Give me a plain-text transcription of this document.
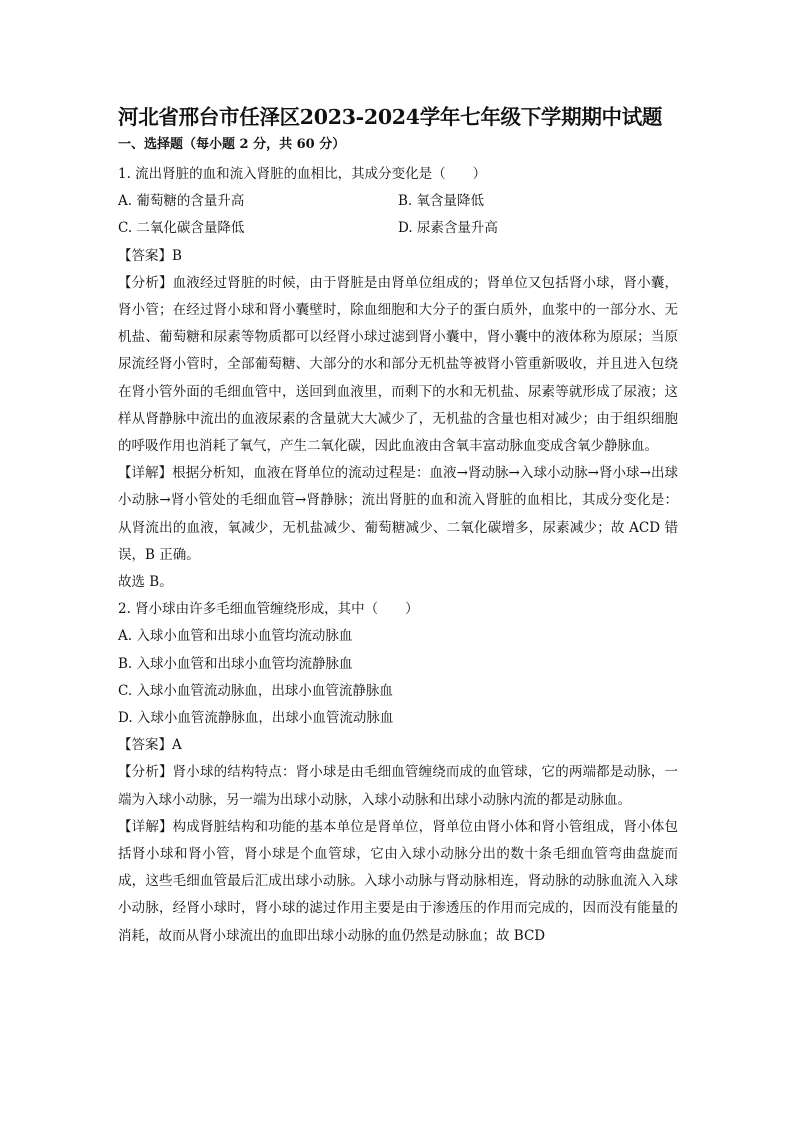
河北省邢台市任泽区2023-2024学年七年级下学期期中试题
一、选择题（每小题 2 分，共 60 分）
1. 流出肾脏的血和流入肾脏的血相比，其成分变化是（　　）
A. 葡萄糖的含量升高	B. 氧含量降低
C. 二氧化碳含量降低	D. 尿素含量升高
【答案】B
【分析】血液经过肾脏的时候，由于肾脏是由肾单位组成的；肾单位又包括肾小球，肾小囊，肾小管；在经过肾小球和肾小囊壁时，除血细胞和大分子的蛋白质外，血浆中的一部分水、无机盐、葡萄糖和尿素等物质都可以经肾小球过滤到肾小囊中，肾小囊中的液体称为原尿；当原尿流经肾小管时，全部葡萄糖、大部分的水和部分无机盐等被肾小管重新吸收，并且进入包绕在肾小管外面的毛细血管中，送回到血液里，而剩下的水和无机盐、尿素等就形成了尿液；这样从肾静脉中流出的血液尿素的含量就大大减少了，无机盐的含量也相对减少；由于组织细胞的呼吸作用也消耗了氧气，产生二氧化碳，因此血液由含氧丰富动脉血变成含氧少静脉血。
【详解】根据分析知，血液在肾单位的流动过程是：血液→肾动脉→入球小动脉→肾小球→出球小动脉→肾小管处的毛细血管→肾静脉；流出肾脏的血和流入肾脏的血相比，其成分变化是：从肾流出的血液，氧减少，无机盐减少、葡萄糖减少、二氧化碳增多，尿素减少；故 ACD 错误，B 正确。
故选 B。
2. 肾小球由许多毛细血管缠绕形成，其中（　　）
A. 入球小血管和出球小血管均流动脉血
B. 入球小血管和出球小血管均流静脉血
C. 入球小血管流动脉血，出球小血管流静脉血
D. 入球小血管流静脉血，出球小血管流动脉血
【答案】A
【分析】肾小球的结构特点：肾小球是由毛细血管缠绕而成的血管球，它的两端都是动脉，一端为入球小动脉，另一端为出球小动脉，入球小动脉和出球小动脉内流的都是动脉血。
【详解】构成肾脏结构和功能的基本单位是肾单位，肾单位由肾小体和肾小管组成，肾小体包括肾小球和肾小管，肾小球是个血管球，它由入球小动脉分出的数十条毛细血管弯曲盘旋而成，这些毛细血管最后汇成出球小动脉。入球小动脉与肾动脉相连，肾动脉的动脉血流入入球小动脉，经肾小球时，肾小球的滤过作用主要是由于渗透压的作用而完成的，因而没有能量的消耗，故而从肾小球流出的血即出球小动脉的血仍然是动脉血；故 BCD
